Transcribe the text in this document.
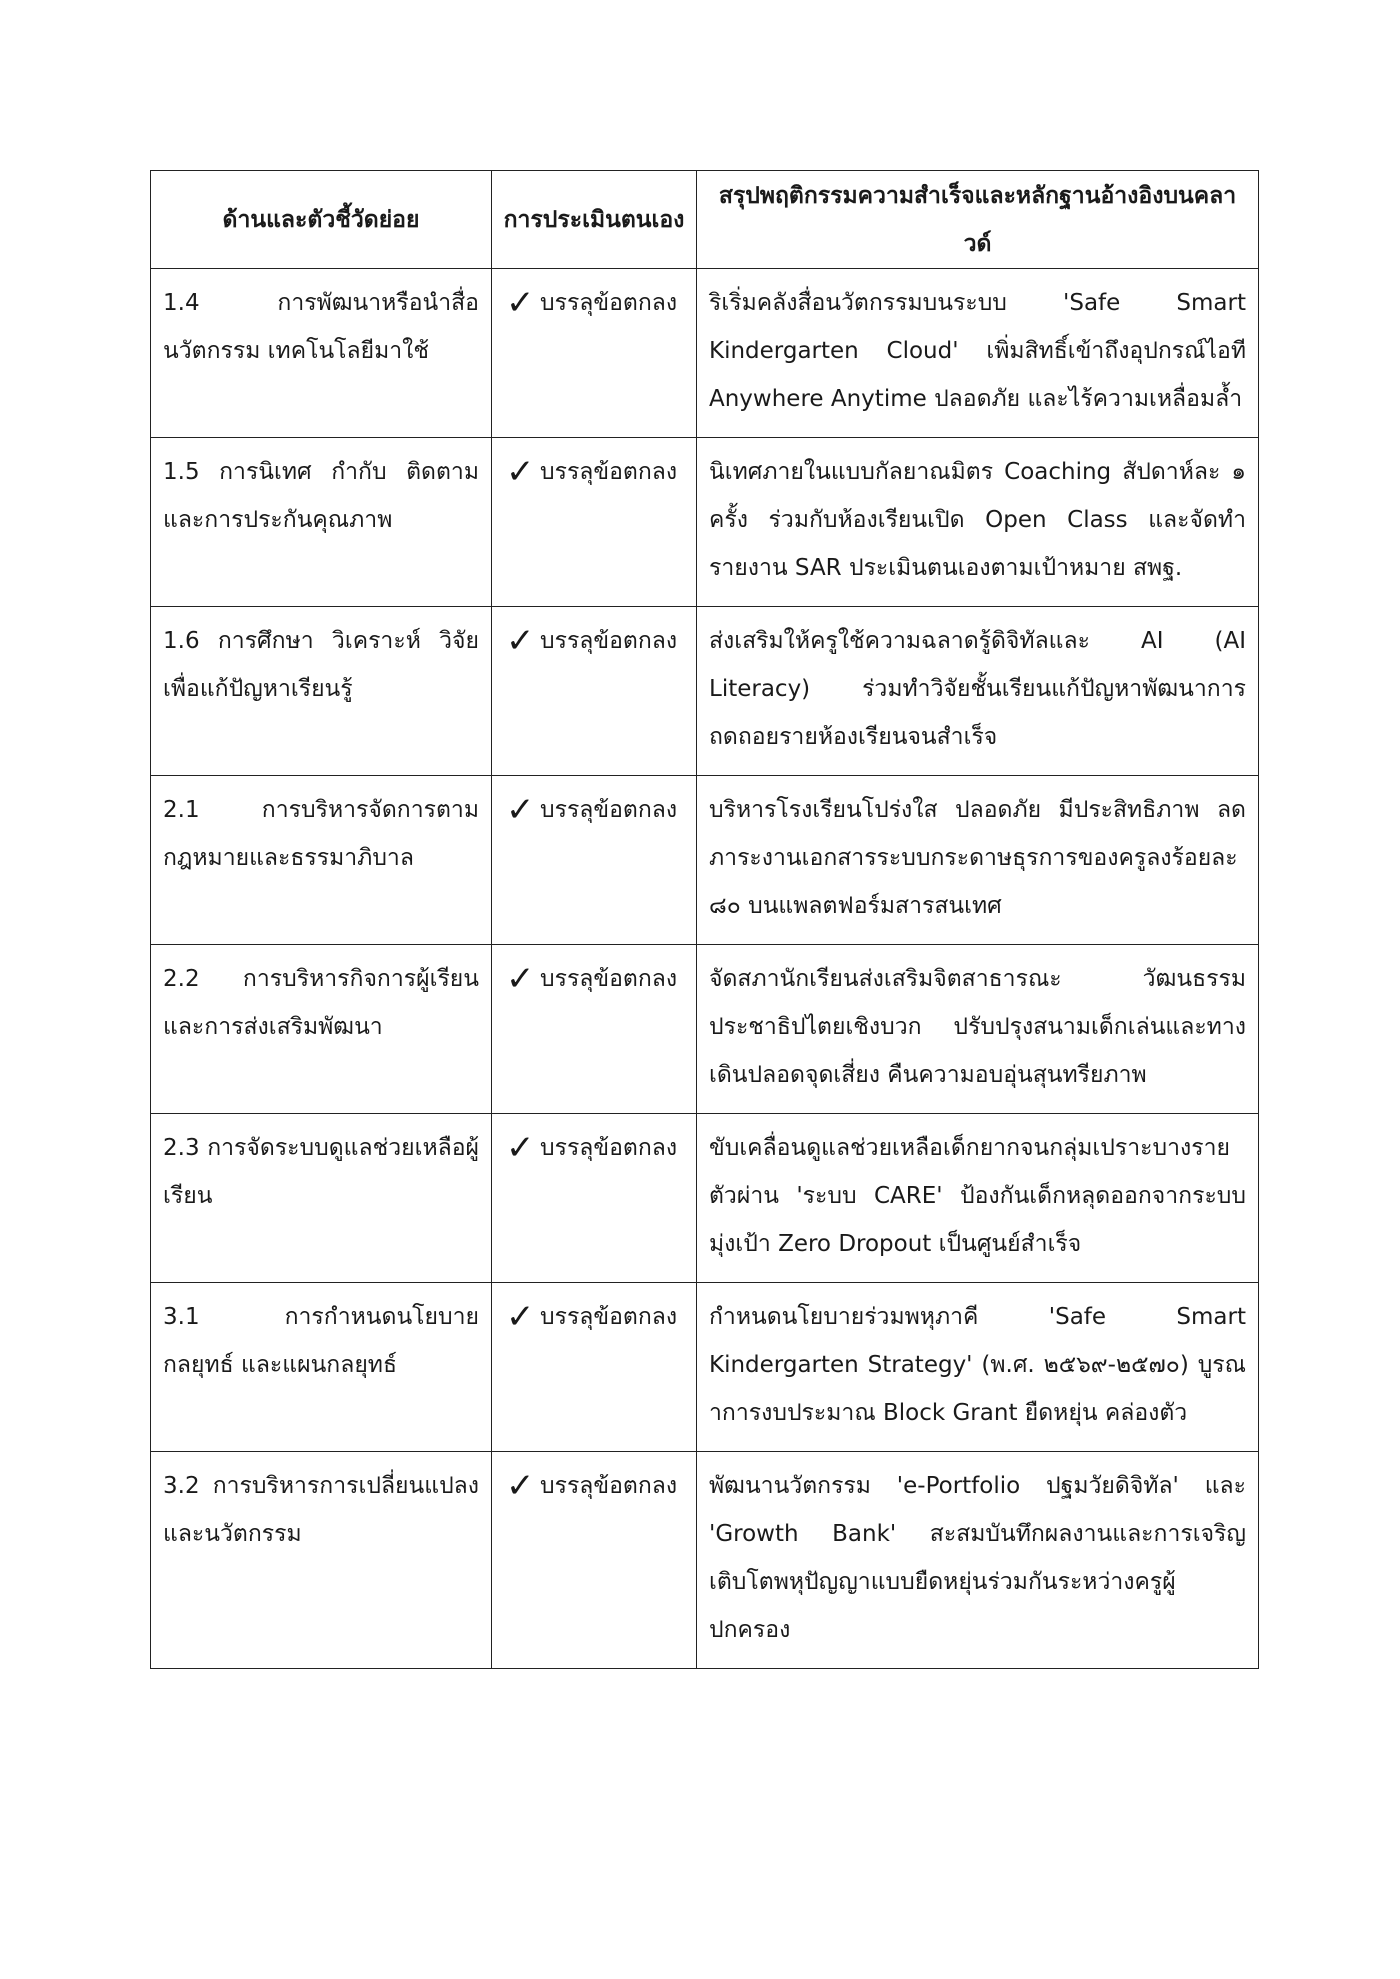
ด้านและตัวชี้วัดย่อย	การประเมินตนเอง	สรุปพฤติกรรมความสำเร็จและหลักฐานอ้างอิงบนคลาวด์
1.4 การพัฒนาหรือนำสื่อนวัตกรรม เทคโนโลยีมาใช้	✓ บรรลุข้อตกลง	ริเริ่มคลังสื่อนวัตกรรมบนระบบ 'Safe Smart Kindergarten Cloud' เพิ่มสิทธิ์เข้าถึงอุปกรณ์ไอที Anywhere Anytime ปลอดภัย และไร้ความเหลื่อมล้ำ
1.5 การนิเทศ กำกับ ติดตาม และการประกันคุณภาพ	✓ บรรลุข้อตกลง	นิเทศภายในแบบกัลยาณมิตร Coaching สัปดาห์ละ ๑ ครั้ง ร่วมกับห้องเรียนเปิด Open Class และจัดทำรายงาน SAR ประเมินตนเองตามเป้าหมาย สพฐ.
1.6 การศึกษา วิเคราะห์ วิจัย เพื่อแก้ปัญหาเรียนรู้	✓ บรรลุข้อตกลง	ส่งเสริมให้ครูใช้ความฉลาดรู้ดิจิทัลและ AI (AI Literacy) ร่วมทำวิจัยชั้นเรียนแก้ปัญหาพัฒนาการถดถอยรายห้องเรียนจนสำเร็จ
2.1 การบริหารจัดการตามกฎหมายและธรรมาภิบาล	✓ บรรลุข้อตกลง	บริหารโรงเรียนโปร่งใส ปลอดภัย มีประสิทธิภาพ ลดภาระงานเอกสารระบบกระดาษธุรการของครูลงร้อยละ ๘๐ บนแพลตฟอร์มสารสนเทศ
2.2 การบริหารกิจการผู้เรียนและการส่งเสริมพัฒนา	✓ บรรลุข้อตกลง	จัดสภานักเรียนส่งเสริมจิตสาธารณะ วัฒนธรรมประชาธิปไตยเชิงบวก ปรับปรุงสนามเด็กเล่นและทางเดินปลอดจุดเสี่ยง คืนความอบอุ่นสุนทรียภาพ
2.3 การจัดระบบดูแลช่วยเหลือผู้เรียน	✓ บรรลุข้อตกลง	ขับเคลื่อนดูแลช่วยเหลือเด็กยากจนกลุ่มเปราะบางรายตัวผ่าน 'ระบบ CARE' ป้องกันเด็กหลุดออกจากระบบ มุ่งเป้า Zero Dropout เป็นศูนย์สำเร็จ
3.1 การกำหนดนโยบาย กลยุทธ์ และแผนกลยุทธ์	✓ บรรลุข้อตกลง	กำหนดนโยบายร่วมพหุภาคี 'Safe Smart Kindergarten Strategy' (พ.ศ. ๒๕๖๙-๒๕๗๐) บูรณาการงบประมาณ Block Grant ยืดหยุ่น คล่องตัว
3.2 การบริหารการเปลี่ยนแปลงและนวัตกรรม	✓ บรรลุข้อตกลง	พัฒนานวัตกรรม 'e-Portfolio ปฐมวัยดิจิทัล' และ 'Growth Bank' สะสมบันทึกผลงานและการเจริญเติบโตพหุปัญญาแบบยืดหยุ่นร่วมกันระหว่างครูผู้ปกครอง
